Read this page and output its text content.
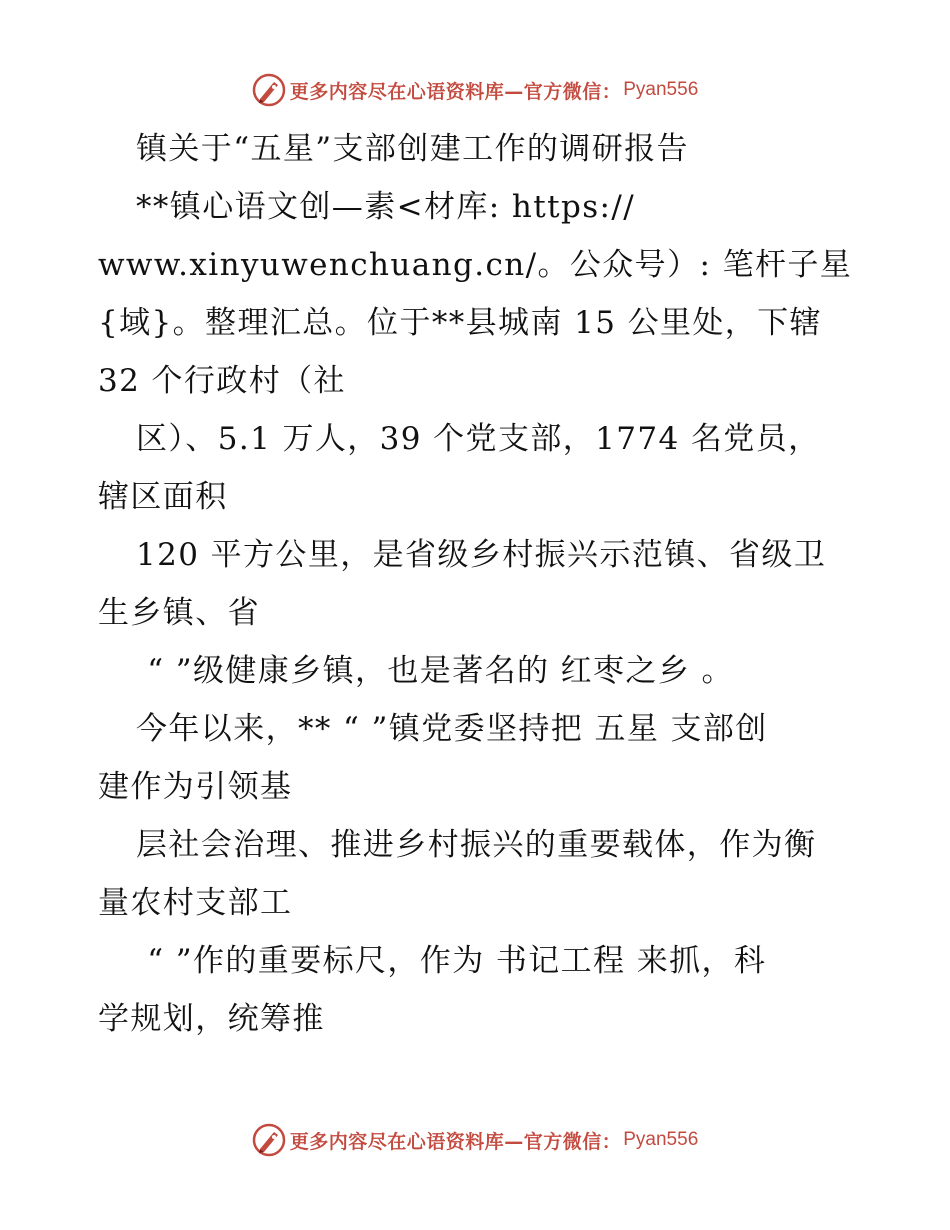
更多内容尽在心语资料库—官方微信： Pyan556
镇关于“五星”支部创建工作的调研报告
**镇心语文创—素<材库: https://
www.xinyuwenchuang.cn/。公众号）: 笔杆子星
{域}。整理汇总。位于**县城南 15 公里处，下辖
32 个行政村（社
区）、5.1 万人，39 个党支部，1774 名党员，
辖区面积
120 平方公里，是省级乡村振兴示范镇、省级卫
生乡镇、省
“ ”级健康乡镇，也是著名的 红枣之乡 。
今年以来，** “ ”镇党委坚持把 五星 支部创
建作为引领基
层社会治理、推进乡村振兴的重要载体，作为衡
量农村支部工
“ ”作的重要标尺，作为 书记工程 来抓，科
学规划，统筹推
更多内容尽在心语资料库—官方微信： Pyan556
